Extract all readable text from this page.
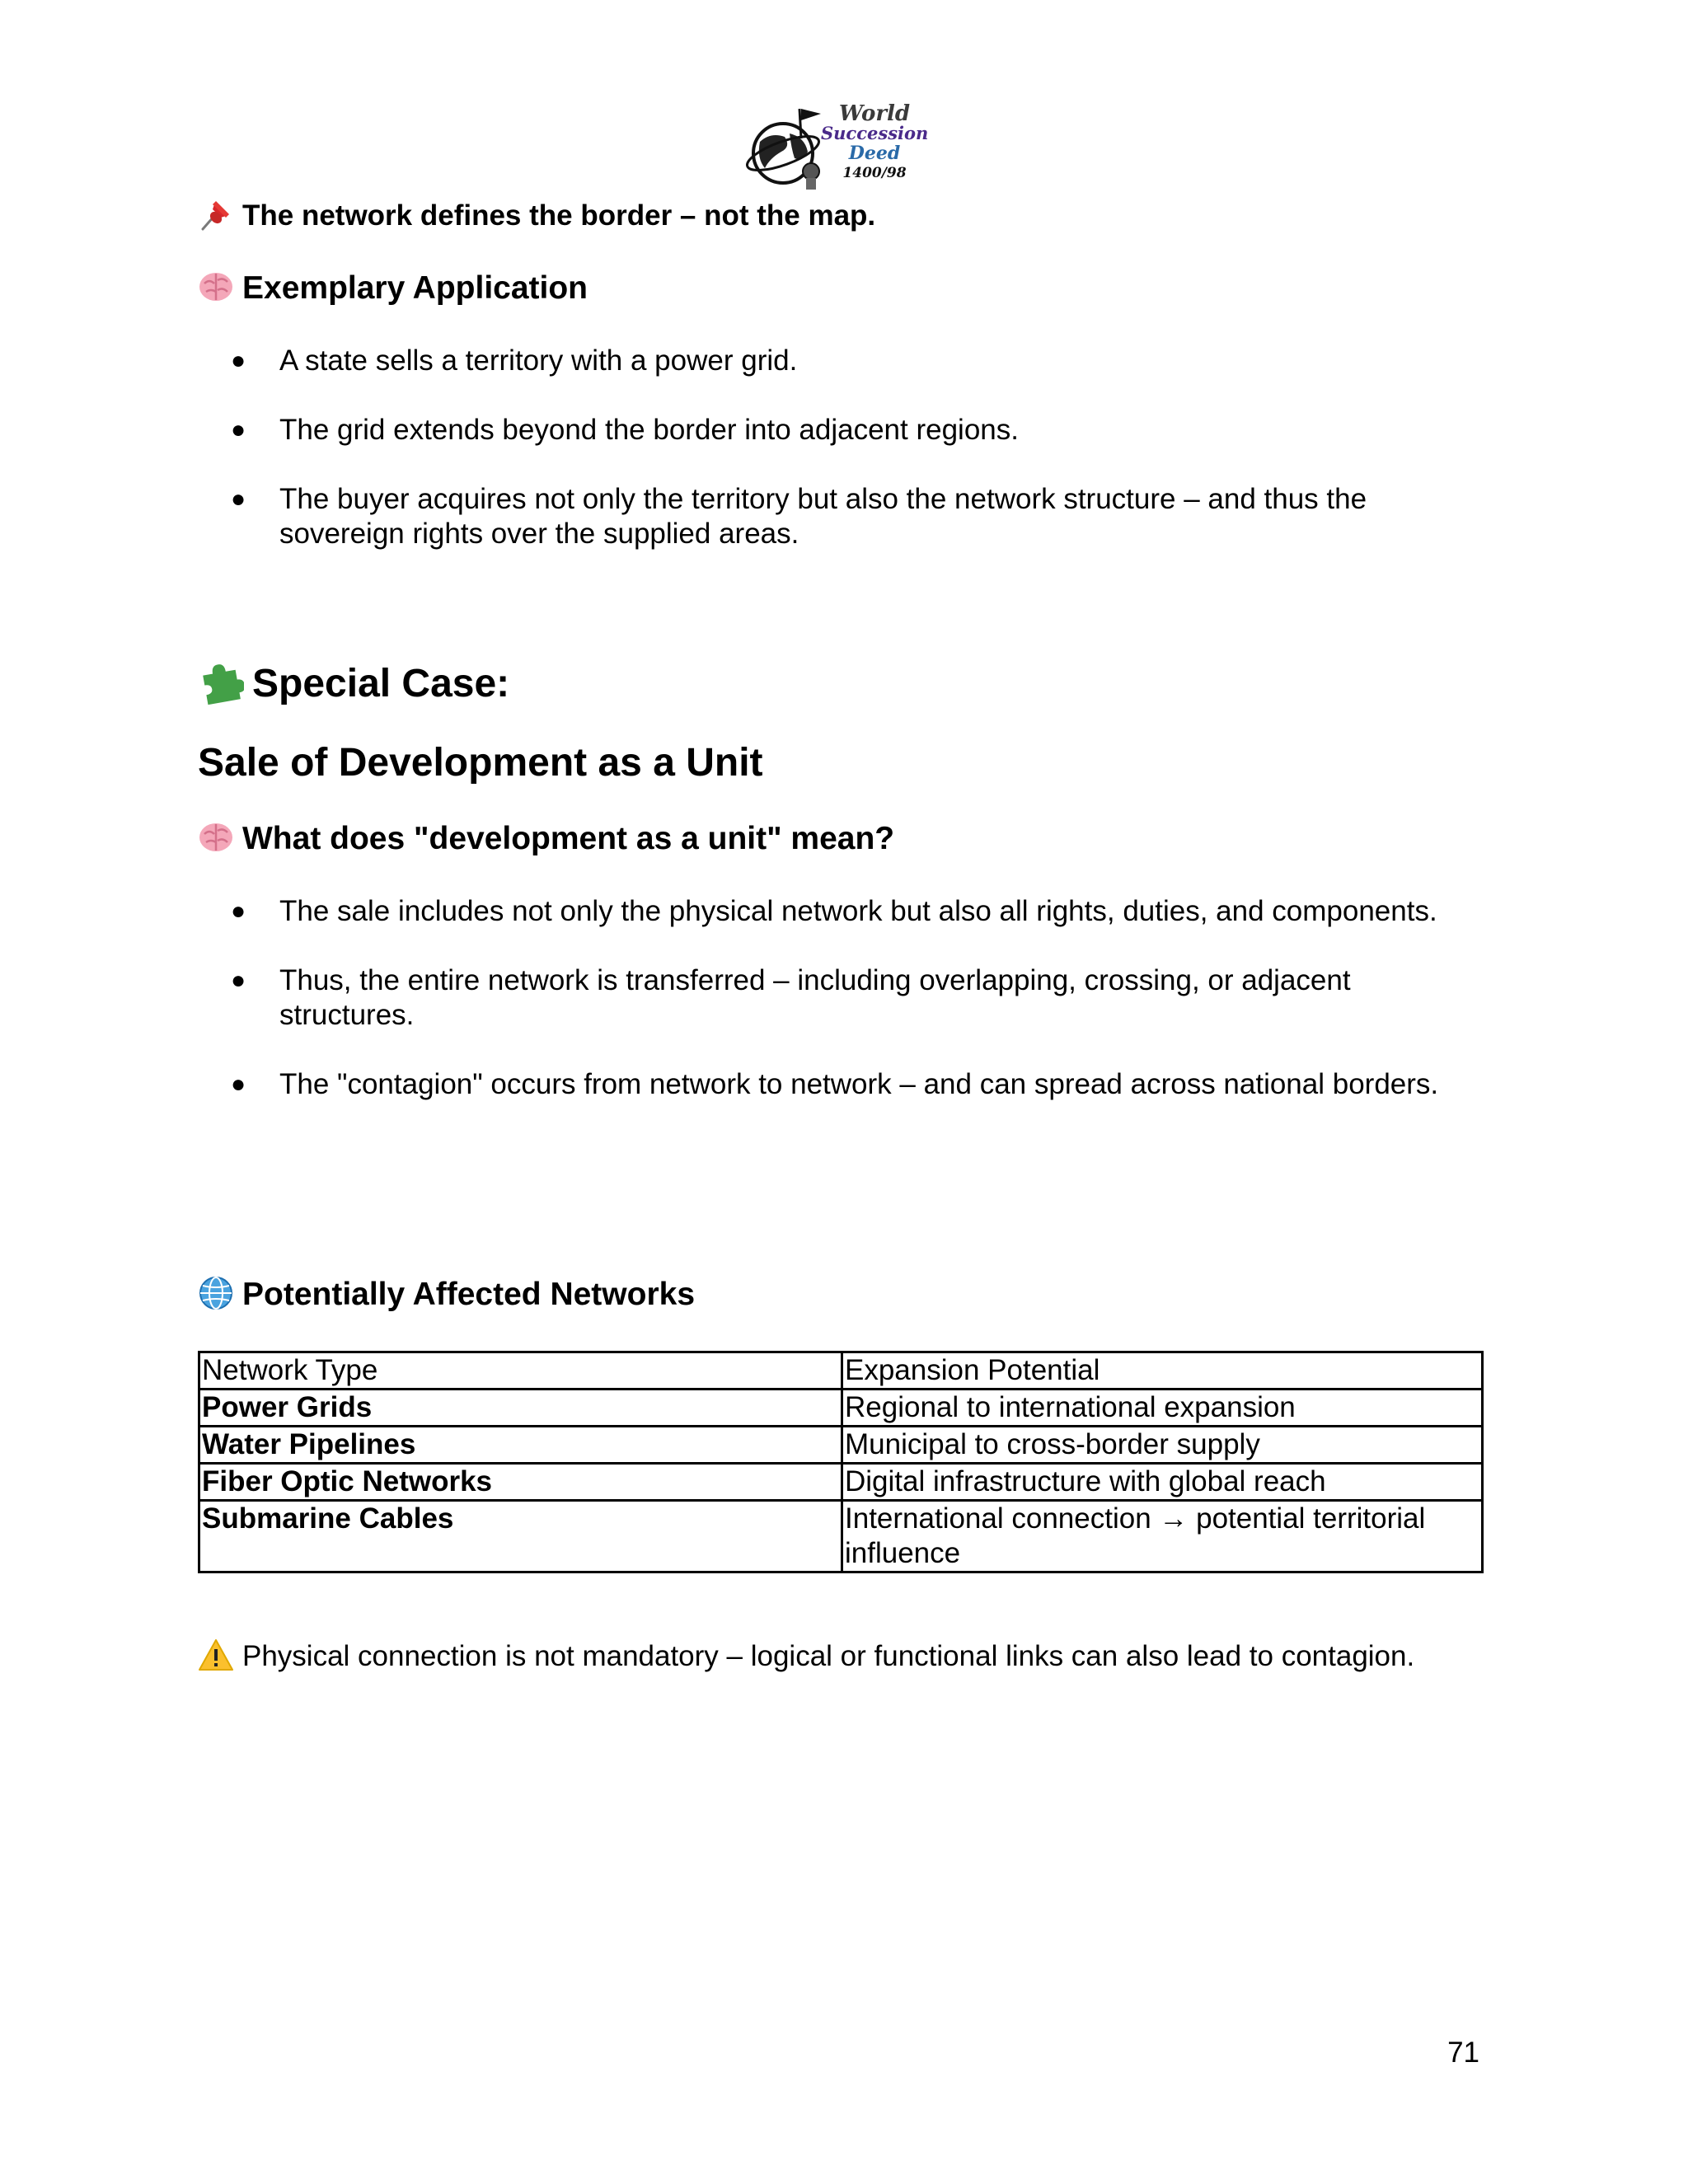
World
Succession
Deed
1400/98
The network defines the border – not the map.
Exemplary Application
● A state sells a territory with a power grid.
● The grid extends beyond the border into adjacent regions.
● The buyer acquires not only the territory but also the network structure – and thus the sovereign rights over the supplied areas.
Special Case:
Sale of Development as a Unit
What does "development as a unit" mean?
● The sale includes not only the physical network but also all rights, duties, and components.
● Thus, the entire network is transferred – including overlapping, crossing, or adjacent structures.
● The "contagion" occurs from network to network – and can spread across national borders.
Potentially Affected Networks
Network Type	Expansion Potential
Power Grids	Regional to international expansion
Water Pipelines	Municipal to cross-border supply
Fiber Optic Networks	Digital infrastructure with global reach
Submarine Cables	International connection → potential territorial influence
Physical connection is not mandatory – logical or functional links can also lead to contagion.
71
